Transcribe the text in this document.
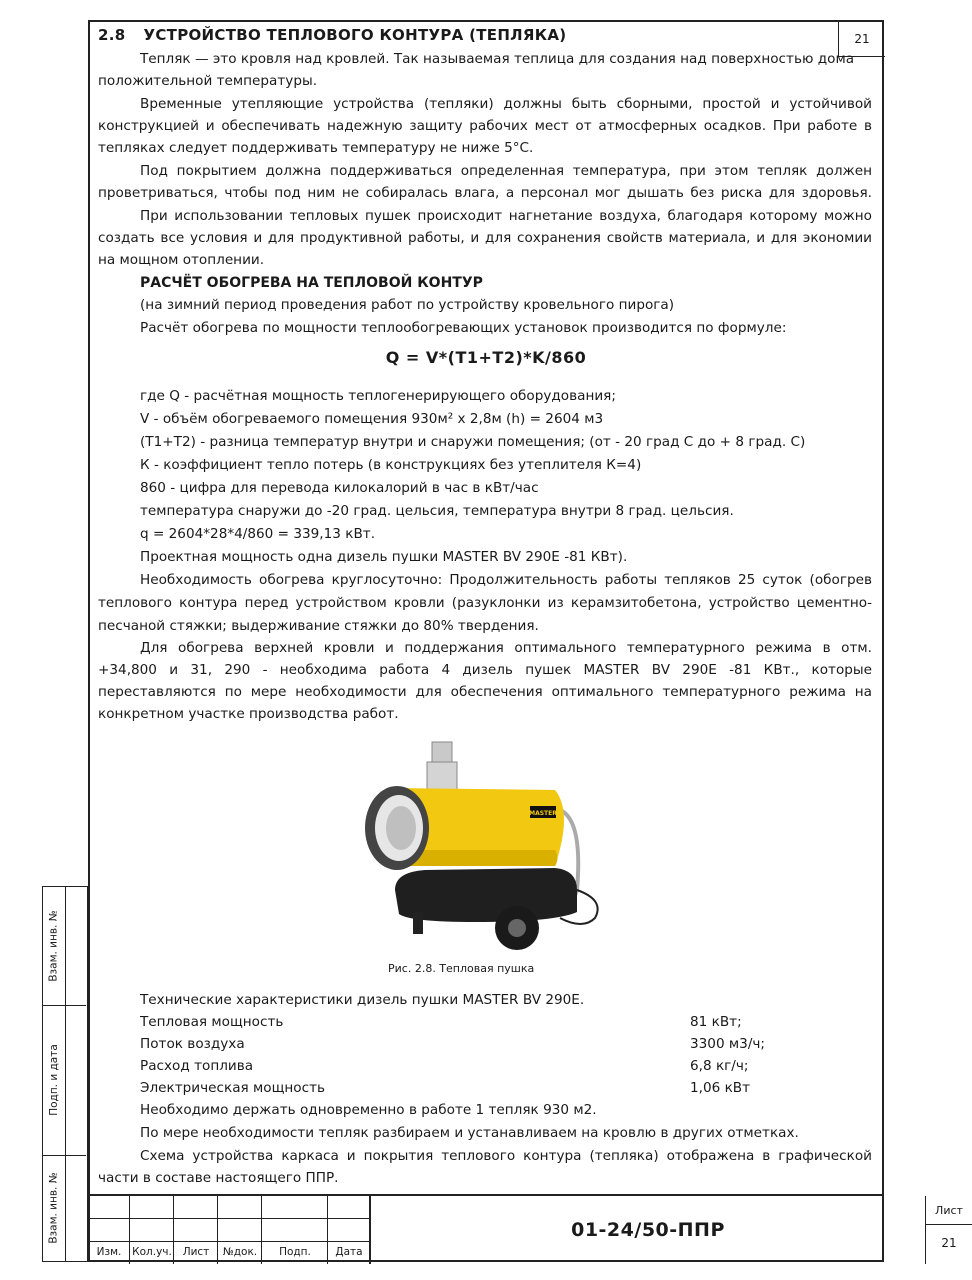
21
2.8 УСТРОЙСТВО ТЕПЛОВОГО КОНТУРА (ТЕПЛЯКА)
Тепляк — это кровля над кровлей. Так называемая теплица для создания над поверхностью дома
положительной температуры.
Временные утепляющие устройства (тепляки) должны быть сборными, простой и устойчивой
конструкцией и обеспечивать надежную защиту рабочих мест от атмосферных осадков. При работе в
тепляках следует поддерживать температуру не ниже 5°С.
Под покрытием должна поддерживаться определенная температура, при этом тепляк должен
проветриваться, чтобы под ним не собиралась влага, а персонал мог дышать без риска для здоровья.
При использовании тепловых пушек происходит нагнетание воздуха, благодаря которому можно
создать все условия и для продуктивной работы, и для сохранения свойств материала, и для экономии
на мощном отоплении.
РАСЧЁТ ОБОГРЕВА НА ТЕПЛОВОЙ КОНТУР
(на зимний период проведения работ по устройству кровельного пирога)
Расчёт обогрева по мощности теплообогревающих установок производится по формуле:
Q = V*(T1+T2)*K/860
где Q - расчётная мощность теплогенерирующего оборудования;
V - объём обогреваемого помещения 930м² х 2,8м (h) = 2604 м3
(T1+T2) - разница температур внутри и снаружи помещения; (от - 20 град С до + 8 град. С)
К - коэффициент тепло потерь (в конструкциях без утеплителя К=4)
860 - цифра для перевода килокалорий в час в кВт/час
температура снаружи до -20 град. цельсия, температура внутри 8 град. цельсия.
q = 2604*28*4/860 = 339,13 кВт.
Проектная мощность одна дизель пушки MASTER BV 290E -81 КВт).
Необходимость обогрева круглосуточно: Продолжительность работы тепляков 25 суток (обогрев
теплового контура перед устройством кровли (разуклонки из керамзитобетона, устройство цементно-
песчаной стяжки; выдерживание стяжки до 80% твердения.
Для обогрева верхней кровли и поддержания оптимального температурного режима в отм.
+34,800 и 31, 290 - необходима работа 4 дизель пушек MASTER BV 290E -81 КВт., которые
переставляются по мере необходимости для обеспечения оптимального температурного режима на
конкретном участке производства работ.
MASTER
Рис. 2.8. Тепловая пушка
Технические характеристики дизель пушки MASTER BV 290E.
Тепловая мощность	81 кВт;
Поток воздуха	3300 м3/ч;
Расход топлива	6,8 кг/ч;
Электрическая мощность	1,06 кВт
Необходимо держать одновременно в работе 1 тепляк 930 м2.
По мере необходимости тепляк разбираем и устанавливаем на кровлю в других отметках.
Схема устройства каркаса и покрытия теплового контура (тепляка) отображена в графической
части в составе настоящего ППР.
Взам. инв. №
Подп. и дата
Взам. инв. №
Изм.	Кол.уч.	Лист	№док.	Подп.	Дата
01-24/50-ППР
Лист
21
